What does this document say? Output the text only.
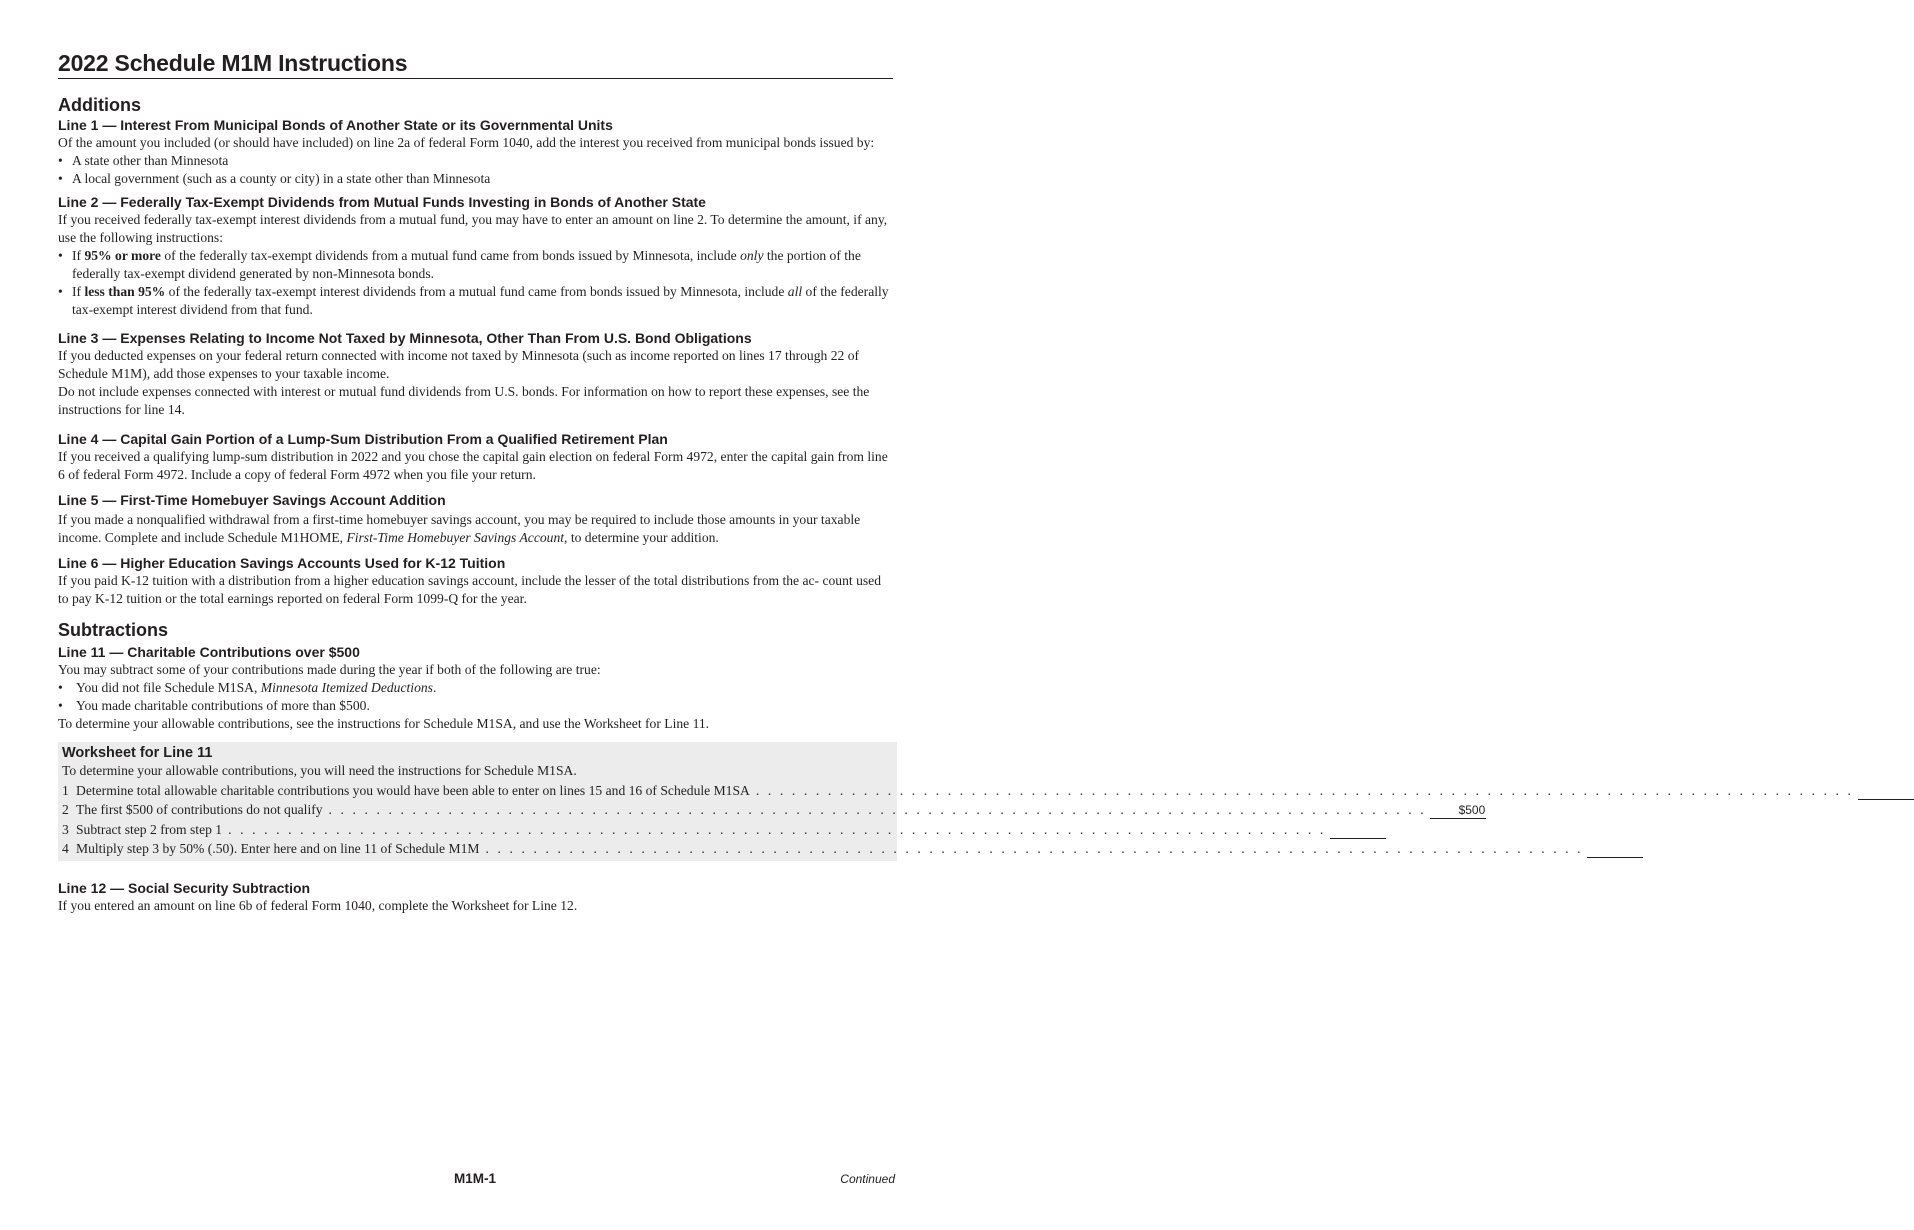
2022 Schedule M1M Instructions
Additions
Line 1 — Interest From Municipal Bonds of Another State or its Governmental Units

Of the amount you included (or should have included) on line 2a of federal Form 1040, add the interest you received from municipal bonds issued by:

• A state other than Minnesota
• A local government (such as a county or city) in a state other than Minnesota
Line 2 — Federally Tax-Exempt Dividends from Mutual Funds Investing in Bonds of Another State

If you received federally tax-exempt interest dividends from a mutual fund, you may have to enter an amount on line 2. To determine the amount, if any, use the following instructions:

• If 95% or more of the federally tax-exempt dividends from a mutual fund came from bonds issued by Minnesota, include only the portion of the federally tax-exempt dividend generated by non-Minnesota bonds.
• If less than 95% of the federally tax-exempt interest dividends from a mutual fund came from bonds issued by Minnesota, include all of the federally tax-exempt interest dividend from that fund.
Line 3 — Expenses Relating to Income Not Taxed by Minnesota, Other Than From U.S. Bond Obligations

If you deducted expenses on your federal return connected with income not taxed by Minnesota (such as income reported on lines 17 through 22 of Schedule M1M), add those expenses to your taxable income.

Do not include expenses connected with interest or mutual fund dividends from U.S. bonds. For information on how to report these expenses, see the instructions for line 14.

Line 4 — Capital Gain Portion of a Lump-Sum Distribution From a Qualified Retirement Plan

If you received a qualifying lump-sum distribution in 2022 and you chose the capital gain election on federal Form 4972, enter the capital gain from line 6 of federal Form 4972. Include a copy of federal Form 4972 when you file your return.

Line 5 — First-Time Homebuyer Savings Account Addition

If you made a nonqualified withdrawal from a first-time homebuyer savings account, you may be required to include those amounts in your taxable income. Complete and include Schedule M1HOME, First-Time Homebuyer Savings Account, to determine your addition.

Line 6 — Higher Education Savings Accounts Used for K-12 Tuition

If you paid K-12 tuition with a distribution from a higher education savings account, include the lesser of the total distributions from the ac- count used to pay K-12 tuition or the total earnings reported on federal Form 1099-Q for the year.

Subtractions
Line 11 — Charitable Contributions over $500

You may subtract some of your contributions made during the year if both of the following are true:

• You did not file Schedule M1SA, Minnesota Itemized Deductions.
• You made charitable contributions of more than $500.

To determine your allowable contributions, see the instructions for Schedule M1SA, and use the Worksheet for Line 11.

Worksheet for Line 11

To determine your allowable contributions, you will need the instructions for Schedule M1SA.

1 Determine total allowable charitable contributions you would have been able to enter on lines 15 and 16 of Schedule M1SA . . . . . . . . . . . . . . . . . . . . . . . . . . . . . . . . . . . . . . . . . . . . . . . . . . . . . . . . . . . . . . . . . . . . . . . . . . . . . . . . . . . . . . . . . . . .
2 The first $500 of contributions do not qualify . . . . . . . . . . . . . . . . . . . . . . . . . . . . . . . . . . . . . . . . . . . . . . . . . . . . . . . . . . . . . . . . . . . . . . . . . . . . . . . . . . . . . . . . . . . .	$500
3 Subtract step 2 from step 1 . . . . . . . . . . . . . . . . . . . . . . . . . . . . . . . . . . . . . . . . . . . . . . . . . . . . . . . . . . . . . . . . . . . . . . . . . . . . . . . . . . . . . . . . . . . .
4 Multiply step 3 by 50% (.50). Enter here and on line 11 of Schedule M1M . . . . . . . . . . . . . . . . . . . . . . . . . . . . . . . . . . . . . . . . . . . . . . . . . . . . . . . . . . . . . . . . . . . . . . . . . . . . . . . . . . . . . . . . . . . .
Line 12 — Social Security Subtraction

If you entered an amount on line 6b of federal Form 1040, complete the Worksheet for Line 12.

M1M-1	Continued
